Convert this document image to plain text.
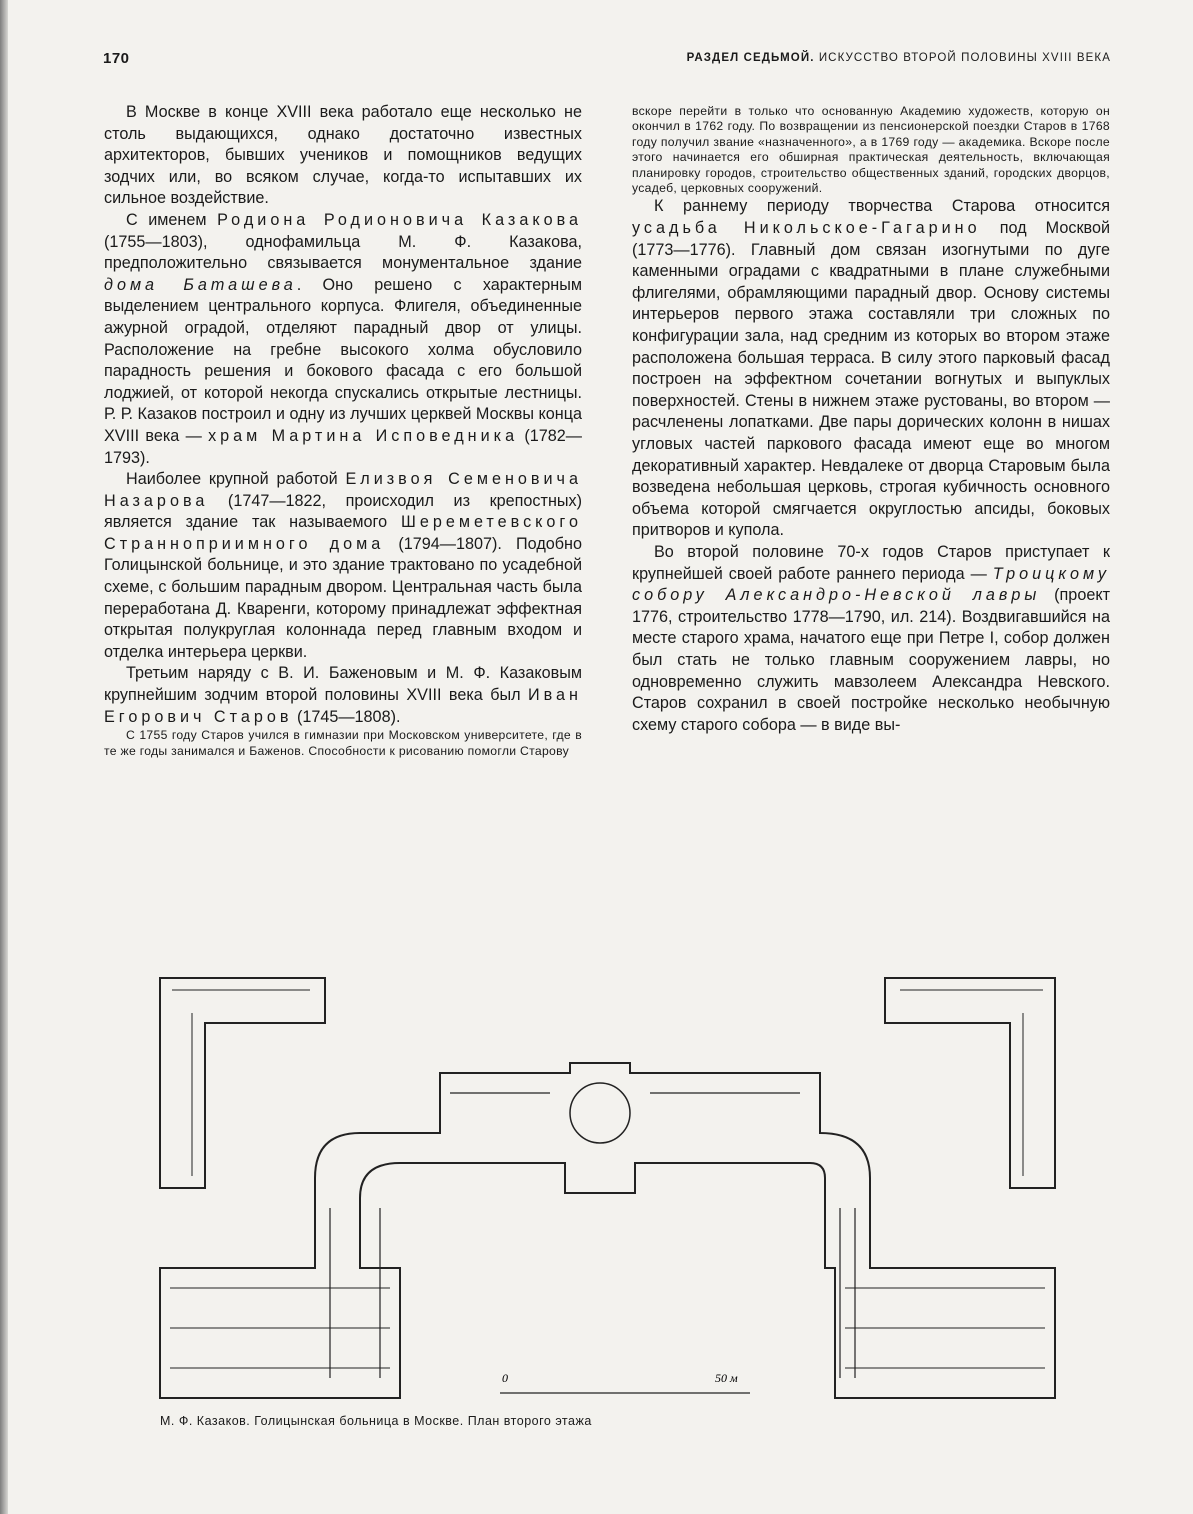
170	РАЗДЕЛ СЕДЬМОЙ. ИСКУССТВО ВТОРОЙ ПОЛОВИНЫ XVIII ВЕКА

В Москве в конце XVIII века работало еще несколько не столь выдающихся, однако достаточно известных архитекторов, бывших учеников и помощников ведущих зодчих или, во всяком случае, когда-то испытавших их сильное воздействие.

С именем Родиона Родионовича Казакова (1755—1803), однофамильца М. Ф. Казакова, предположительно связывается монументальное здание дома Баташева. Оно решено с характерным выделением центрального корпуса. Флигеля, объединенные ажурной оградой, отделяют парадный двор от улицы. Расположение на гребне высокого холма обусловило парадность решения и бокового фасада с его большой лоджией, от которой некогда спускались открытые лестницы. Р. Р. Казаков построил и одну из лучших церквей Москвы конца XVIII века — храм Мартина Исповедника (1782—1793).

Наиболее крупной работой Елизвоя Семеновича Назарова (1747—1822, происходил из крепостных) является здание так называемого Шереметевского Странноприимного дома (1794—1807). Подобно Голицынской больнице, и это здание трактовано по усадебной схеме, с большим парадным двором. Центральная часть была переработана Д. Кваренги, которому принадлежат эффектная открытая полукруглая колоннада перед главным входом и отделка интерьера церкви.

Третьим наряду с В. И. Баженовым и М. Ф. Казаковым крупнейшим зодчим второй половины XVIII века был Иван Егорович Старов (1745—1808).

С 1755 году Старов учился в гимназии при Московском университете, где в те же годы занимался и Баженов. Способности к рисованию помогли Старову

вскоре перейти в только что основанную Академию художеств, которую он окончил в 1762 году. По возвращении из пенсионерской поездки Старов в 1768 году получил звание «назначенного», а в 1769 году — академика. Вскоре после этого начинается его обширная практическая деятельность, включающая планировку городов, строительство общественных зданий, городских дворцов, усадеб, церковных сооружений.

К раннему периоду творчества Старова относится усадьба Никольское-Гагарино под Москвой (1773—1776). Главный дом связан изогнутыми по дуге каменными оградами с квадратными в плане служебными флигелями, обрамляющими парадный двор. Основу системы интерьеров первого этажа составляли три сложных по конфигурации зала, над средним из которых во втором этаже расположена большая терраса. В силу этого парковый фасад построен на эффектном сочетании вогнутых и выпуклых поверхностей. Стены в нижнем этаже рустованы, во втором — расчленены лопатками. Две пары дорических колонн в нишах угловых частей паркового фасада имеют еще во многом декоративный характер. Невдалеке от дворца Старовым была возведена небольшая церковь, строгая кубичность основного объема которой смягчается округлостью апсиды, боковых притворов и купола.

Во второй половине 70-х годов Старов приступает к крупнейшей своей работе раннего периода — Троицкому собору Александро-Невской лавры (проект 1776, строительство 1778—1790, ил. 214). Воздвигавшийся на месте старого храма, начатого еще при Петре I, собор должен был стать не только главным сооружением лавры, но одновременно служить мавзолеем Александра Невского. Старов сохранил в своей постройке несколько необычную схему старого собора — в виде вы-

0	50 м
М. Ф. Казаков. Голицынская больница в Москве. План второго этажа
